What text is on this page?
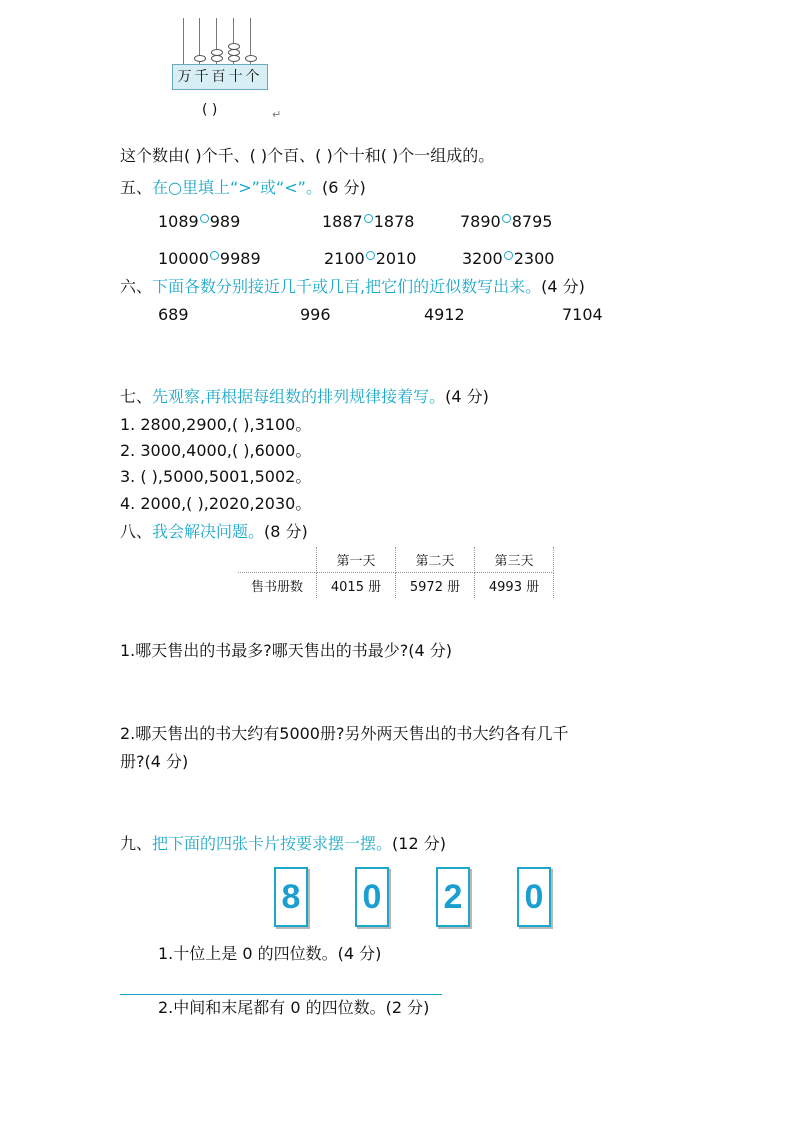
万千百十个
( )	↵
这个数由( )个千、( )个百、( )个十和( )个一组成的。
五、在○里填上“>”或“<”。(6 分)
1089 989	1887 1878	7890 8795
10000 9989	2100 2010	3200 2300
六、下面各数分别接近几千或几百,把它们的近似数写出来。(4 分)
689	996	4912	7104
七、先观察,再根据每组数的排列规律接着写。(4 分)
1. 2800,2900,( ),3100。
2. 3000,4000,( ),6000。
3. ( ),5000,5001,5002。
4. 2000,( ),2020,2030。
八、我会解决问题。(8 分)
	第一天	第二天	第三天
售书册数	4015 册	5972 册	4993 册
1.哪天售出的书最多?哪天售出的书最少?(4 分)
2.哪天售出的书大约有5000册?另外两天售出的书大约各有几千
册?(4 分)
九、把下面的四张卡片按要求摆一摆。(12 分)
8 0 2 0
1.十位上是 0 的四位数。(4 分)
2.中间和末尾都有 0 的四位数。(2 分)
